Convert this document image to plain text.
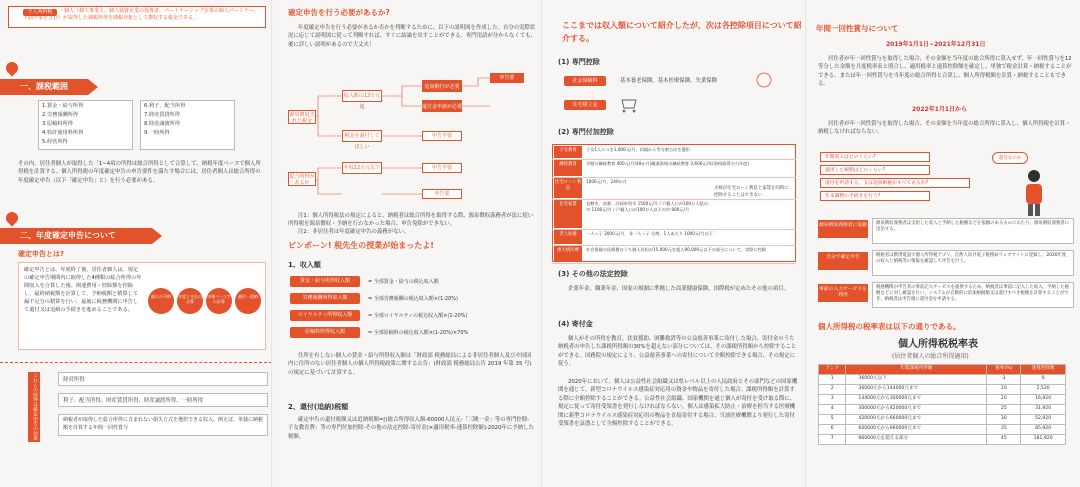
个人所得税	・個人（個人事業主、個人独資企業の投資者、パートナーシップ企業の個人パートナー、下請け業を含む）が取得した課税所得を課税対象として徴収する税金である。
一、課税範囲
1.賃金・給与所得
2.労務報酬所得
3.原稿料所得
4.特許使用料所得
5.経営所得
6.利子、配当所得
7.財産賃貸所得
8.財産譲渡所得
9.一時所得
その内、居住者個人が取得した「1~4項の所得は総合所得として合算して、納税年度ベースで個人所得税を計算する。個人所得税の年度確定申告の申告要件を満たす場合には、居住者個人は総合所得の年度確定申告（以下「確定申告」と）を行う必要がある。
二、年度確定申告について
確定申告とは?
確定申告とは、年度終了後、居住者個人は、規定の確定申告期間内に取得した4種類の総合所得の年間収入を合算した後、関連費用・控除額を控除し、最終納税額を計算して、予納税額と精算して漏不足分の精算を行い、最後に税務機関に申告して還付又は追納の手続きを進めることである。
個人の予納	年度と支払の合算
申報ベースでの計算
還付・追納
これらの所得は確定申告の対象外
経営所得
利子、配当所得、財産賃貸所得、財産譲渡所得、一時所得
納税者が取得した総合所得に含まれない損失方式を選択できる収入、例えば、単独に納税額を計算する年間一回性賞与
確定申告を行う必要があるか?
年度確定申告を行う必要があるか否かを判断するために、以下の説明図を作成した。自分の実際状況に応じて説明図に従って判断すれば、すぐに結論を出すことができる。専門用語が分からなくても、後に詳しい説明があるので大丈夫！
源泉徴収された税金
総合所得があるか
収入額の12万元超
税金を還付してほしい
年収12万元以下
追加納付が必要
還付金申請が必要
申告要
申告不要
申告不要
申告要
注1：個人所得税法の規定によると、納税者は総合所得を取得する際、源泉徴収義務者が法に従い所得税を源泉徴収・予納を行わなかった場合、申告免除ができない。
注2：非居住者は年度確定申告の義務がない。
ピンポーン! 税先生の授業が始まったよ!
1、収入額
賃金・給与所得収入額	= 全部賃金・給与の税込収入額
労務報酬所得収入額	= 全部労務報酬の税込収入額×(1-20%)
ロイヤルティ所得収入額	= 全部ロイヤルティの税込収入額×(1-20%)
原稿料所得収入額	= 全部原稿料の税込収入額×(1-20%)×70%
住所を有しない個人の賃金・給与所得収入額は「財政部 税務総局による非居住者個人及び中国国内に住所のない居住者個人の個人所得税政策に関する公告」(財政部 税務総局公告 2019 年第 35 号)の規定に基づいて計算する。
2、還付(追納)税額
確定申告の還付税額又は追納税額=[(総合所得収入額-60000人民元-「三険一金」等の専門控除-子女教育費」等の専門付加控除-その他の法定控除-寄付金)×適用税率-速算控除額]-2020年に予納した税額。
ここまでは収入額について紹介したが、次は各控除項目について紹介する。
(1) 専門控除
社会保険料	基本養老保険、基本医療保険、失業保険
住宅積立金
(2) 専門付加控除
子女教育	子女1人につき1,000元/月、両親から等分割方法を選択
継続教育	学歴の継続教育 400元/月(48か月)職業資格の継続教育 3,600元/年(資格取得の当年度)
住宅ローン利息
1000元/月、240か月
住宅家賃	直轄市、省都、計画単列市 1500元/月 / 戸籍人口が100万人超の市 1100元/月 / 戸籍人口が100万人以下の市 800元/月
老人扶養	一人っ子 2000元/月、非一人っ子 分割、1人あたり 1000元/月以下
重大病医療	社会保険の医療費のうち個人負担が15,000元を超え80,000元以下の部分について、実際に控除
夫婦が住宅ローン利息と家賃を同時に控除することはできない
(3) その他の法定控除
企業年金、職業年金、国家の規制に準拠した商業健康保険、国際税が定めたその他の項目。
(4) 寄付金
個人がその所得を教育、扶貧援助、困難救済等の公益慈善事業に寄付した場合、寄付金のうち納税者の申告した課税所得額の30%を超えない部分については、その課税所得額から控除することができる。国務院の規定により、公益慈善事業への寄付について全額控除できる場合、その規定に従う。
2020年において、個人は公益性社会組織又は県レベル以上の人民政府とその部門などの国家機関を通じて、新型コロナウイルス感染症対応用の資金や物品を寄付した場合、課税所得額を計算する際に全額控除することができる。公益性社会組織、国家機関を通じ個人が寄付を受け取る際に、規定に従って寄付受領書を発行しなければならない。個人は感染拡大防止・治療を担当する医療機関に新型コロナウイルス感染症対応用の物品を直接寄付する場合、当該医療機関より発行した寄付受領書を証憑として全額控除することができる。
年間一回性賞与について
2019年1月1日~2021年12月31日
居住者が年一回性賞与を取得した場合、その金額を当年度の総合所得に算入せず、年一回性賞与を12等分した金額を月度税率表と照合し、適用税率と速算控除額を確定し、単独で税金計算・納税することができる。または年一回性賞与を当年度の総合所得と合算し、個人所得税額を計算・納税することもできる。
2022年1月1日から
居住者が年一回性賞与を取得した場合、その金額を当年度の総合所得に算入し、個人所得税を計算・納税しなければならない。
年間収入はどのくらい?
適用した税額はどのくらい?
還付を申請する、又は追加納税がすべてあるか?
年末調整の手続きを行う?
還付なのか
源泉徴収義務者に依頼	源泉徴収義務者は支給した収入と予納した税額などを依頼のあるものにわたり、源泉徴収義務者に送信する。
自分で確定申告	納税者は携帯電話で個人所得税アプリ、自然人向け電子税務局ウェブサイトに登録し、2020年度の収入と納税等の情報を確認して申告を行う。
事前の入力サービスを利用
税務機関が申告者の事前記入サービスを提供するため、納税者は事前に記入した収入、予納した税額などに対し確認を行い、システムが自動的に追加納税額又は還付すべき税額を計算することができ、納税者は申告後に還付金を申請する。
個人所得税の税率表は以下の通りである。
個人所得税税率表
(居住者個人の総合所得適用)
ランク	年間課税所得額	税率(%)	速算控除数
1	36000元以下	3	0
2	36000元から144000元まで	10	2,520
3	144000元から300000元まで	20	16,920
4	300000元から420000元まで	25	31,920
5	420000元から660000元まで	30	52,920
6	660000元から960000元まで	35	85,920
7	960000元を超える部分	45	181,920
